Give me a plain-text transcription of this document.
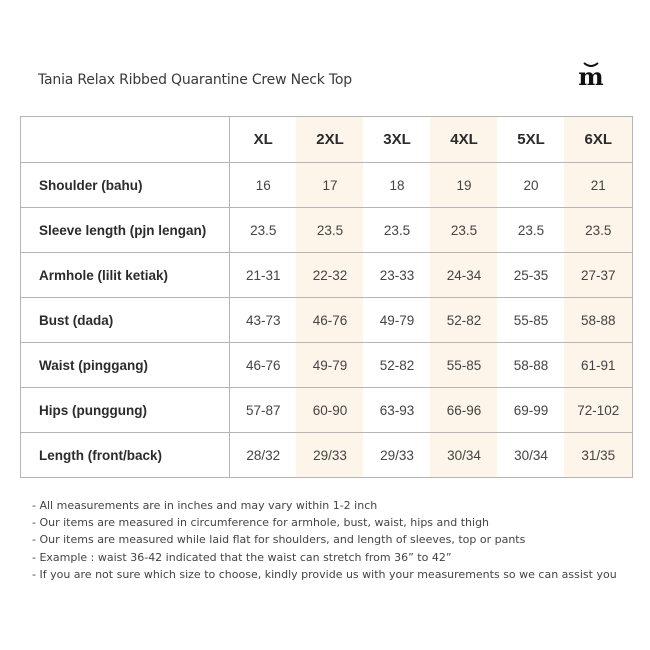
Tania Relax Ribbed Quarantine Crew Neck Top	m
	XL	2XL	3XL	4XL	5XL	6XL
Shoulder (bahu)	16	17	18	19	20	21
Sleeve length (pjn lengan)	23.5	23.5	23.5	23.5	23.5	23.5
Armhole (lilit ketiak)	21-31	22-32	23-33	24-34	25-35	27-37
Bust (dada)	43-73	46-76	49-79	52-82	55-85	58-88
Waist (pinggang)	46-76	49-79	52-82	55-85	58-88	61-91
Hips (punggung)	57-87	60-90	63-93	66-96	69-99	72-102
Length (front/back)	28/32	29/33	29/33	30/34	30/34	31/35
- All measurements are in inches and may vary within 1-2 inch
- Our items are measured in circumference for armhole, bust, waist, hips and thigh
- Our items are measured while laid flat for shoulders, and length of sleeves, top or pants
- Example : waist 36-42 indicated that the waist can stretch from 36” to 42”
- If you are not sure which size to choose, kindly provide us with your measurements so we can assist you
